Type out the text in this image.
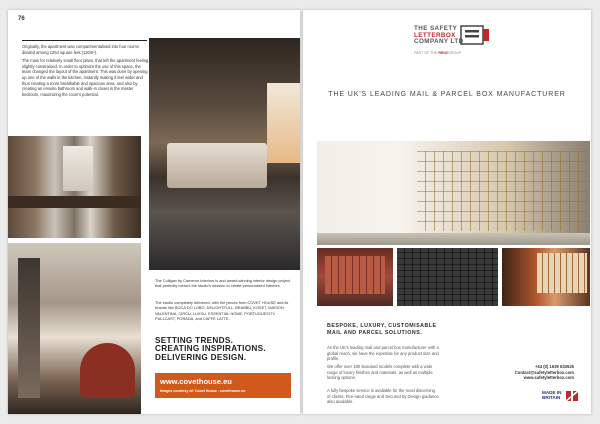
76

Originally, the apartment was compartmentalised into four rooms divided among 1264 square feet (120m²).

The main for relatively small floor plans, that left the apartment feeling slightly constrained. In order to optimize the use of this space, the team changed the layout of the apartment. This was done by opening up one of the walls in the kitchen, instantly making it feel wider and thus creating a more breathable and spacious area, and also by creating an ensuite bathroom and walk-in closet in the master bedroom, maximizing the room's potential.

The Culligan by Cameron Interiors is and award-winning interior design project that perfectly mirrors the studio's mission to create personalized interiors.

The studio completely delivered, with the pieces from COVET HOUSE and its brands like BOCA DO LOBO, DELIGHTFULL, BRABBU, KOKET, MAISON VALENTINA, CIRCU, LUXXU, ESSENTIAL HOME, PORTUGUESITY, PULLCAST, PORADA, and CAFFE LATTE.

SETTING TRENDS.
CREATING INSPIRATIONS.
DELIVERING DESIGN.
www.covethouse.eu
Images courtesy of: Covet House - covethouse.eu
THE SAFETY
LETTERBOX
COMPANY LTD
PART OF THE RENZGROUP
THE UK'S LEADING MAIL & PARCEL BOX MANUFACTURER
BESPOKE, LUXURY, CUSTOMISABLE
MAIL AND PARCEL SOLUTIONS.

As the UK's leading mail and parcel box manufacturer with a global reach, we have the expertise for any product size and profile.

We offer over 180 standard models complete with a wide range of luxury finishes and materials, as well as multiple locking options.

A fully bespoke service is available for the most discerning of clients. Fire-rated range and Secured by Design guidance also available.

+44 (0) 1639 633525
Contact@safetyletterbox.com
www.safetyletterbox.com
MADE IN
BRITAIN
